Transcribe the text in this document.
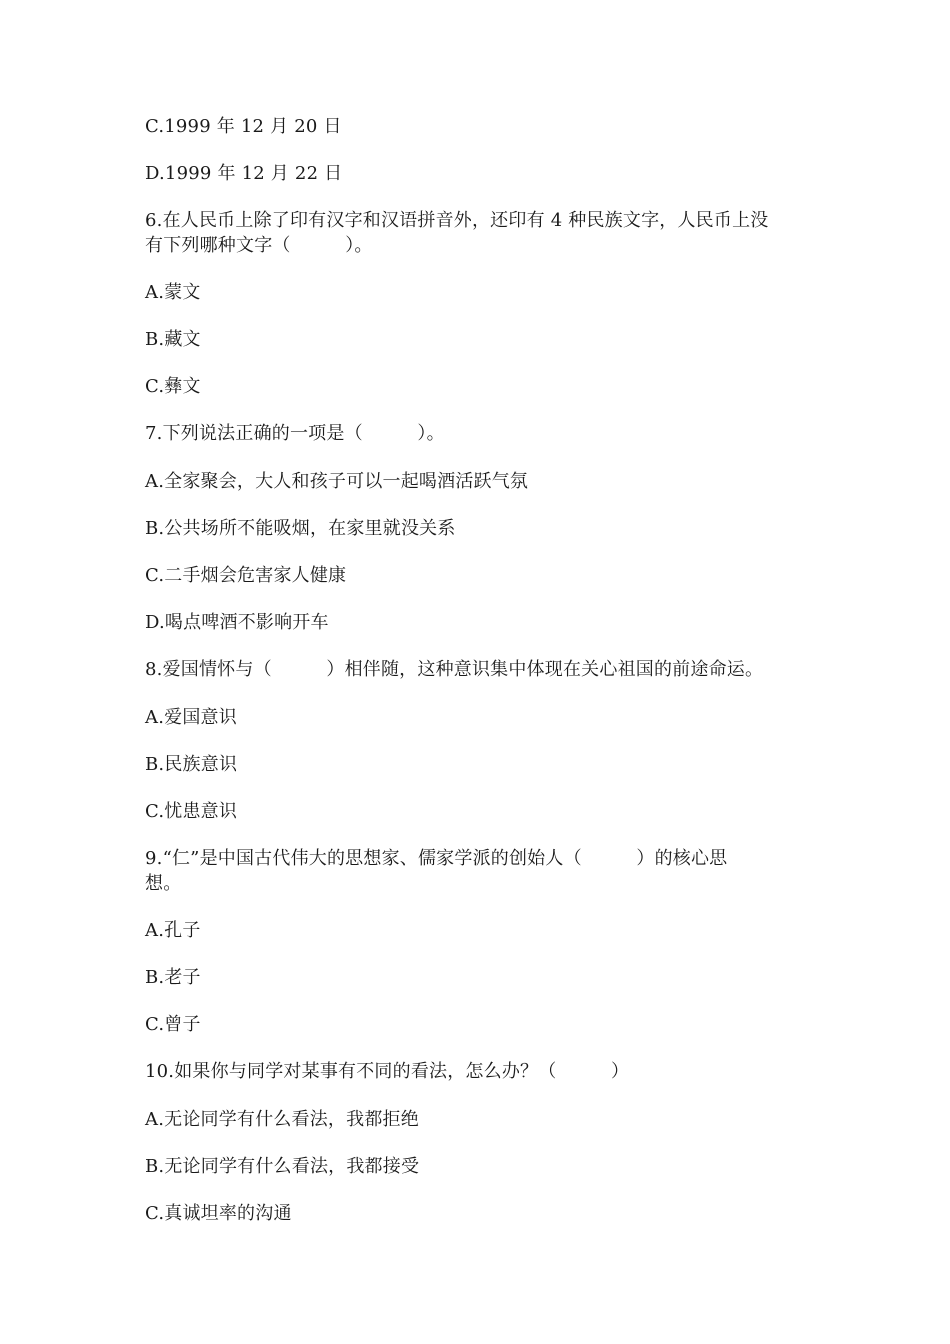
C.1999 年 12 月 20 日
D.1999 年 12 月 22 日
6.在人民币上除了印有汉字和汉语拼音外，还印有 4 种民族文字，人民币上没
有下列哪种文字（　　　）。
A.蒙文
B.藏文
C.彝文
7.下列说法正确的一项是（　　　）。
A.全家聚会，大人和孩子可以一起喝酒活跃气氛
B.公共场所不能吸烟，在家里就没关系
C.二手烟会危害家人健康
D.喝点啤酒不影响开车
8.爱国情怀与（　　　）相伴随，这种意识集中体现在关心祖国的前途命运。
A.爱国意识
B.民族意识
C.忧患意识
9.“仁”是中国古代伟大的思想家、儒家学派的创始人（　　　）的核心思
想。
A.孔子
B.老子
C.曾子
10.如果你与同学对某事有不同的看法，怎么办？（　　　）
A.无论同学有什么看法，我都拒绝
B.无论同学有什么看法，我都接受
C.真诚坦率的沟通
